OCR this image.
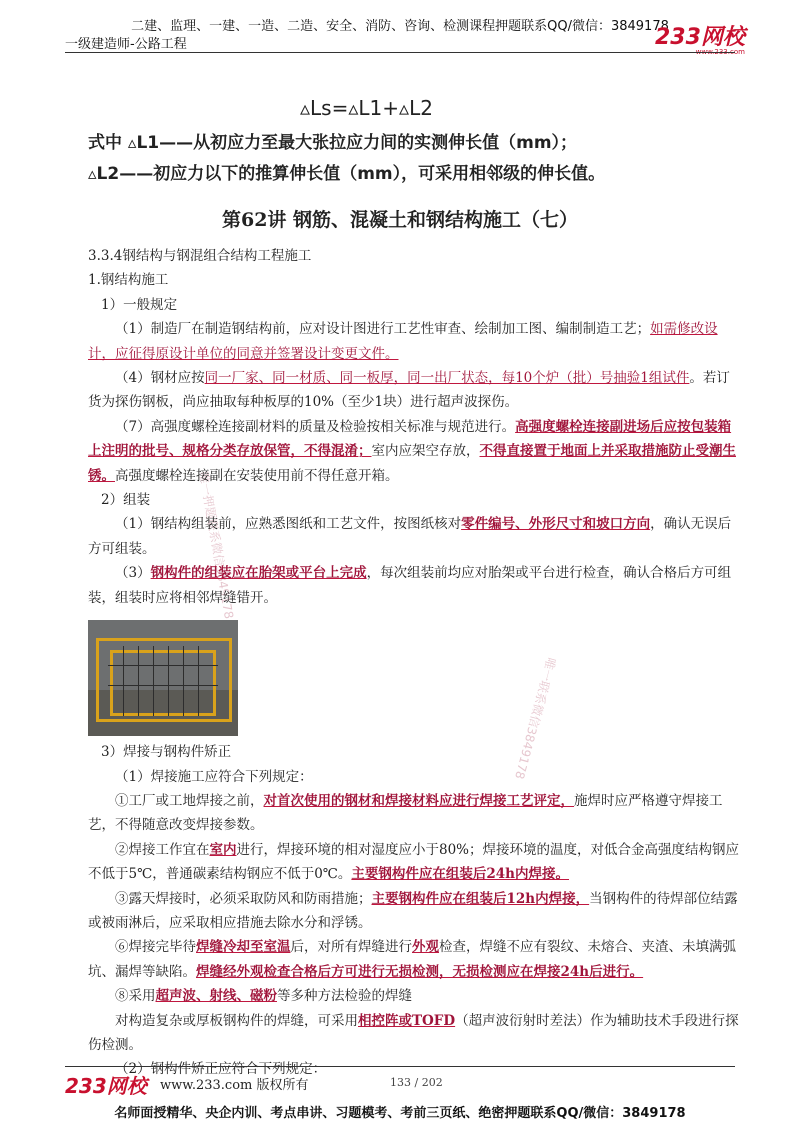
二建、监理、一建、一造、二造、安全、消防、咨询、检测课程押题联系QQ/微信：3849178
一级建造师-公路工程	233网校
www.233.com
▵Ls=▵L1+▵L2
式中 ▵L1——从初应力至最大张拉应力间的实测伸长值（mm）；
▵L2——初应力以下的推算伸长值（mm），可采用相邻级的伸长值。
第62讲 钢筋、混凝土和钢结构施工（七）
唯一押题联系微信3849178
唯一联系微信3849178

3.3.4钢结构与钢混组合结构工程施工

1.钢结构施工

1）一般规定

（1）制造厂在制造钢结构前，应对设计图进行工艺性审查、绘制加工图、编制制造工艺；如需修改设计，应征得原设计单位的同意并签署设计变更文件。

（4）钢材应按同一厂家、同一材质、同一板厚，同一出厂状态，每10个炉（批）号抽验1组试件。若订货为探伤钢板，尚应抽取每种板厚的10%（至少1块）进行超声波探伤。

（7）高强度螺栓连接副材料的质量及检验按相关标准与规范进行。高强度螺栓连接副进场后应按包装箱上注明的批号、规格分类存放保管，不得混淆；室内应架空存放，不得直接置于地面上并采取措施防止受潮生锈。高强度螺栓连接副在安装使用前不得任意开箱。

2）组装

（1）钢结构组装前，应熟悉图纸和工艺文件，按图纸核对零件编号、外形尺寸和坡口方向，确认无误后方可组装。

（3）钢构件的组装应在胎架或平台上完成，每次组装前均应对胎架或平台进行检查，确认合格后方可组装，组装时应将相邻焊缝错开。

3）焊接与钢构件矫正

（1）焊接施工应符合下列规定：

①工厂或工地焊接之前，对首次使用的钢材和焊接材料应进行焊接工艺评定，施焊时应严格遵守焊接工艺，不得随意改变焊接参数。

②焊接工作宜在室内进行，焊接环境的相对湿度应小于80%；焊接环境的温度，对低合金高强度结构钢应不低于5℃，普通碳素结构钢应不低于0℃。主要钢构件应在组装后24h内焊接。

③露天焊接时，必须采取防风和防雨措施；主要钢构件应在组装后12h内焊接，当钢构件的待焊部位结露或被雨淋后，应采取相应措施去除水分和浮锈。

⑥焊接完毕待焊缝冷却至室温后，对所有焊缝进行外观检查，焊缝不应有裂纹、未熔合、夹渣、未填满弧坑、漏焊等缺陷。焊缝经外观检查合格后方可进行无损检测，无损检测应在焊接24h后进行。

⑧采用超声波、射线、磁粉等多种方法检验的焊缝

对构造复杂或厚板钢构件的焊缝，可采用相控阵或TOFD（超声波衍射时差法）作为辅助技术手段进行探伤检测。

（2）钢构件矫正应符合下列规定：

233网校 www.233.com 版权所有	133 / 202
名师面授精华、央企内训、考点串讲、习题模考、考前三页纸、绝密押题联系QQ/微信：3849178
